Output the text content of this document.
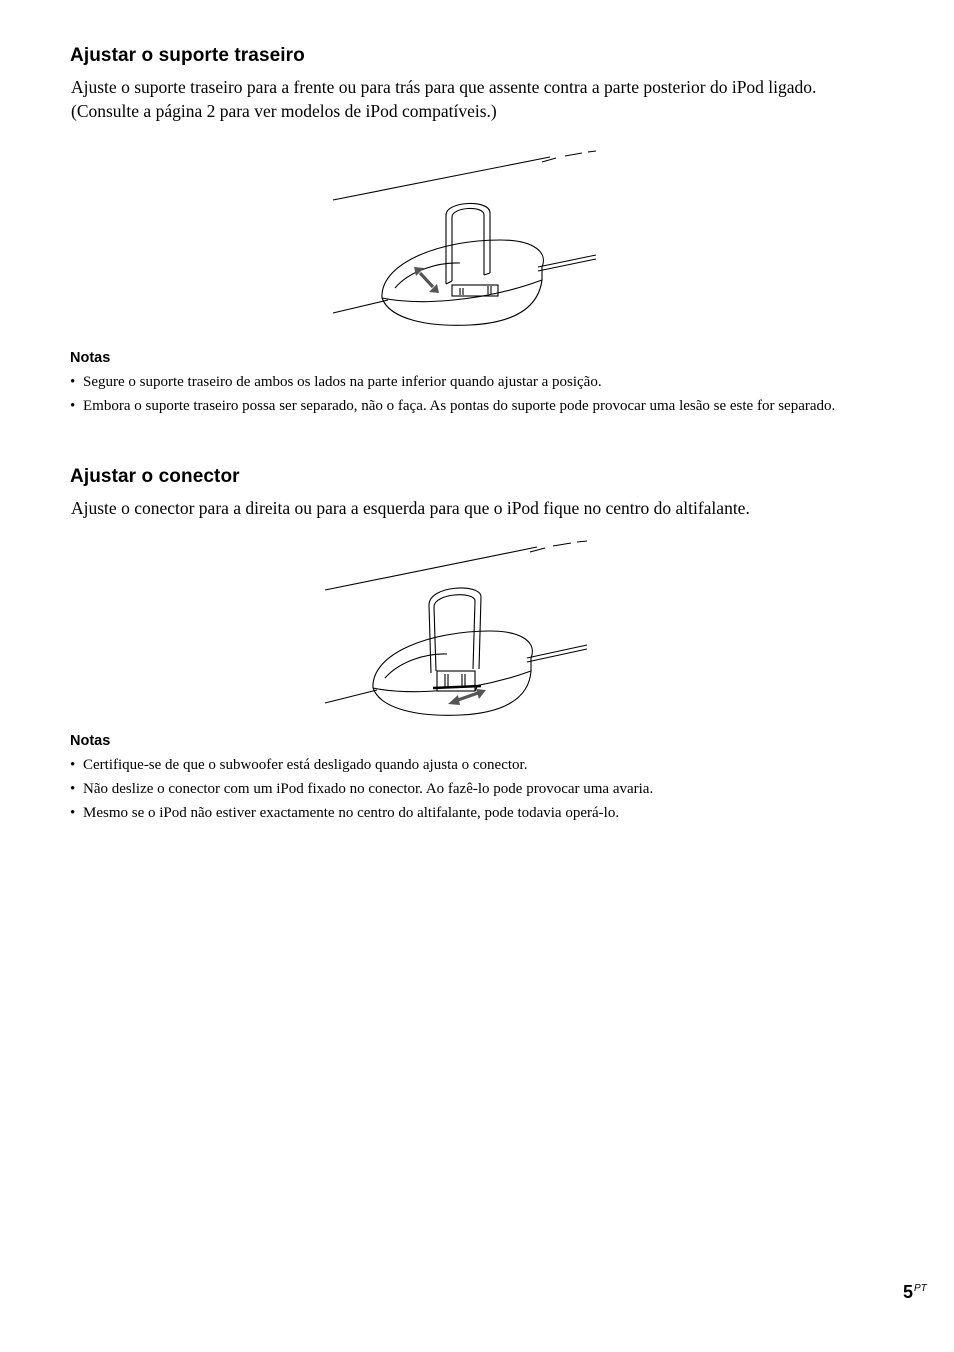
Ajustar o suporte traseiro

Ajuste o suporte traseiro para a frente ou para trás para que assente contra a parte posterior do iPod ligado. (Consulte a página 2 para ver modelos de iPod compatíveis.)

Notas
• Segure o suporte traseiro de ambos os lados na parte inferior quando ajustar a posição.
• Embora o suporte traseiro possa ser separado, não o faça. As pontas do suporte pode provocar uma lesão se este for separado.
Ajustar o conector

Ajuste o conector para a direita ou para a esquerda para que o iPod fique no centro do altifalante.

Notas
• Certifique-se de que o subwoofer está desligado quando ajusta o conector.
• Não deslize o conector com um iPod fixado no conector. Ao fazê-lo pode provocar uma avaria.
• Mesmo se o iPod não estiver exactamente no centro do altifalante, pode todavia operá-lo.
$5^{PT}$
